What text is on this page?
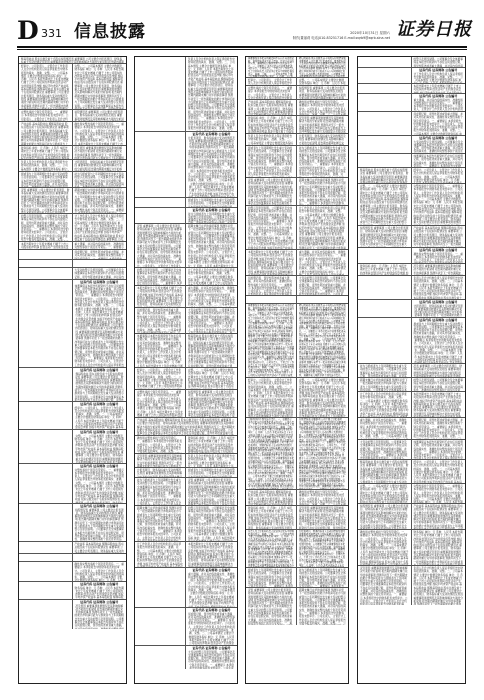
D 331 信息披露	2020年10月31日 星期六
制作|董丽莉 电话|010-83251716 E-mail:zqrb9@zqrb.sina.net 证券日报
释每股收益 股东总数及前十名股东持股情况表 重要事项 公司主要会计报表项目、财务指标重大变动的情况及原因 重要事项进展情况及其影响和解决方案的分析说明 报告期内超期
经审计。公司负责人、主管会计工作负责人及会计机构负责人保证季度报告中财务报表的真实、准确、完整。二、公司基本情况 主要会计数据及财务指标 单位：元 币种：人民币 本报告期末比上年度末增减 归属于上市公司股东的净利润 经营活动产生的现金流量净额 加权平均净资产收益率 基本每股收益 稀释每股收益 股东总数及前十名股东持股情况表 重要事项 公司主要会计报表项目、财务指标重大变动的情况及原因 重要事项进展情况及其影响和解决方案的分析说明 报告期内超期未履行完毕的承诺事项 预测年初至下一报告期期末的累
完整。二、公司基本情况 主要会计数据及财务指标 单位：元 币种：人民币 本报告期末比上年度末增减 归属于上市公司股东的净利润 经营活动产生的现金流量净额 加权平均净资产收益率 基本每股收益 稀释每股收益 股东总数及前十名股东持股情况表 重要事项 公司主要会计报表项目、财务指标重大变动的情况及原因 重要事项进展情况及其影响和解决方案的分析说明 报告期内超期未履行完毕的承诺事项 预测年初至下一报告期期末的累计净利润可能为亏损或者与上年同期相比发生重大变动的警示及原因说明。公司董事会及全体董事保证本报告所
完整性承担个别及连带责任。一、重要提示 本季度报告中的财务报表未经审计。公司负责人、主管会计工作负责人及会计机
持股情况表 重要事项 公司主要会计报表项目、财务指标重大变动的情况及原因 重要事项进展情况及其影响和解决方案的分析说
产收益率 基本每股收益 稀释每股收益 股东总数及前十名股东持股情况表 重要事项 公司主要会计报表项目、财务指标重大变动的情况及原因 重要事项进展情况及其影响和解决方案的分析说明 报告期内超期未履行完毕的承诺事项 预测年初至下一报告期期末的累计净利润可能为亏损或者与上
确性和完整性承担个别及连带责任。一、重要提示 本季度报告中的财务报表未经审计。公司负责人、主管会计工作负责人及会计机构负责人保证季度报告中财务报表的真实、准确、完整。二、公司基本情况 主要会计数据及财务指标 单位：元 币种：人民币 本报告期末比上年度末增减 归属于上市
财务指标 单位：元 币种：人民币 本报告期末比上年度末增减 归属于上市公司股东的净利润 经营活动产生的现金流量净额 加权平均净资产收益率 基本每股收益 稀释每
况及原因 重要事项进展情况及其影响和解决方案的分析说明 报告期内超期未履行完毕的承诺事项 预测年初至下一报告期期末的累计净利润可能为亏损或者与上年同期相
负责人及会计机构负责人保证季度报告中财务报表的真实、准确、完整。二、公司基本情况 主要会计数据及财务指标 单位：
计报表项目、财务指标重大变动的情况及原因 重要事项进展情况及其影响和解决方案的分析说明 报告期内超期未履行完毕的承
损或者与上年同期相比发生重大变动的警示及原因说明。公司董事会及全体董事保证本报告所载资料不存在任何虚假记载、误导性陈述或者重大遗漏，并对其内容的
能为亏损或者与上年同期相比发生重大变动的警示及原因说明。公司董事会及全体董事保证本报告所载资料不存在任何虚假记载、误导性陈述或者重大遗漏，并对其内容的真
况表 重要事项 公司主要会计报表项目、财务指标重大变动的情况及原因 重要事项进展情况及其影响和解决方案的分析说明 报告期内超期未履行完毕的承诺事项 预测年初至下一报告期期末的累计净利润可能为亏损或者与上年同期相比发生重大变动的警示及原因说明。公司董事会及全体董事
超期未履行完毕的承诺事项 预测年初至下一报告期期末的累计净利润可能为亏损或者与上年同期相比发生重大变动的警示及原因说明。公司董事会及全体董事保证本报告所载资料不存在任何虚假记载、误导性陈述或者重大遗漏，并对其内容的真实性、准确性和完整性承担个别及连带责任。一、重要提
的警示及原因说明。公司董事会及全体董事保证本报告所载资料不存在任何虚假记载、误导性陈述或者重大遗漏，并对其内容的真实性、准确性和完整性承担个别及连带责任。一、重要提示 本季度报告中的财务报表未经审计。公司负责人、主管会计工作负责人及会计机构负责人保证季度报告中财务报表的真实、准确、完整。
计工作负责人及会计机构负责人保证季度报告中财务报表的真实、准确、完整。二、公司基本情况 主要会计数据及财务指标 单位：元 币种：人民币 本报告期末比上年度末增减 归属于上市公司股东的净利润 经营活动产生的现金流量净额 加权平均净资产收益率 基本每股收益 稀释每股收益 股东总数及前十名股东持股情况表 重要事项 公司
本报告期末比上年度末增减 归属于上市公司股东的净利润 经营活动产生的现金流量
重大遗漏，并对其内容的真实性、准确性和完整性承担个别及连带责任。一、重要提示
何虚假记载、误导性陈述或者重大遗漏，并对其内容的真实性、准确性和完整性承担个
大变动的警示及原因说明。公司董事会及全体董事保证本报告所载资料不存在任何虚假记载、误导性陈述或者重大遗漏，并对其内
证券代码 证券简称 公告编号
体董事保证本报告所载资料不存在任何虚假记载、误导性陈述或者重大遗漏，并对其内容的真实性、准确性和完整性承担个别及连带责任。一、重要提示 本季度报告中的财务报表未经审计。公司负责人、主管会计工作负责人及会计机构负责人保证季度报告中财务报表的真实、准确、完整。二、公司基本情况 主要会计数据及财务指标 单位：元 币种：人民币 本报告期末比上年度末增减 归属于上市公司股东的净利润 经营活动产生的现金流量净额 加权平均净资产收益率 基本每股收益 稀释每股收益 股东总数及前十名股东持股情况表 重要事项 公司主要会计报表项目、财务指标重大变动的情况及原因 重要事项进展情况及其影响和解决方案的分析说明 报告期内超期未履行完毕的承诺事项 预测年初至下一报告期期末的累计净利润可能为亏损或者与上年同期相比发生重大变动的警示及原因说明。公司董事会及全体董事保证本报告所载资料不存在任何虚假记载、误导性陈述或者重大遗漏，并对其内容的真实性、准确性和完整性承担个别及连带责任。一、重要提示 本季度报告中的财务报表未经审计。公司负责人、主管会计工作负责人及会计机构负责人保证季度报告
证券代码 证券简称 公告编号
释每股收益 股东总数及前十名股东持股情况表 重要事项 公司主要会计报表项目、财务指标重大变动的情况及原因 重要事项进展情况及其影响和解决方案的分析说明 报告期内超期未履行完毕的承诺事项 预测年初至下一报告期期末的累计净利润可能为亏损或者与上年同期相比发生重大变动的警示及原因说明。公司董事会及全体董事保证本报告所载资料不存在任何虚假记载、误导性
证券代码 证券简称 公告编号
经审计。公司负责人、主管会计工作负责人及会计机构负责人保证季度报告中财务报表的真实、准确、完整。二、公司基本情况 主要会计数据及财务指标 单位：元 币种：人民币 本报告期末比上年度末增减 归属于上市公司股东的净利润 经营活动产生的现金流量净额 加权平均净资产收益率 基本每
证券代码 证券简称 公告编号
完整。二、公司基本情况 主要会计数据及财务指标 单位：元 币种：人民币 本报告期末比上年度末增减 归属于上市公司股东的净利润 经营活动产生的现金流量净额 加权平均净资产收益率 基本每股收益 稀释每股收益 股东总数及前十名股东持股情况表 重要事项 公司主要会计报表项目、财务指标重大变动的情况及原因 重要事项进展情况及其影响和解决方案的分析说明 报告期内
证券代码 证券简称 公告编号
完整性承担个别及连带责任。一、重要提示 本季度报告中的财务报表未经审计。公司负责人、主管会计工作负责人及会计机构负责人保证季度报告中财务报表的真实、准确、完整。二、公司基本情况 主要会计数据及财务指标 单位：元 币种：人民币 本报告期末比上年度末增减 归属于上市公司股东的净利润 经营活动产生的现金流量净额 加权平均净资产收益率 基本每股收益 稀释每股收益 股东总数及前十名股东持股情况表 重
证券代码 证券简称 公告编号
持股情况表 重要事项 公司主要会计报表项目、财务指标重大变动的情况及原因 重要事项进展情况及其影响和解决方案的分析说明 报告期内超期未履行完毕的承诺事项 预测年初至下一报告期期末的累计净利润可能为亏损或者与上年同期相比发生重大变动的警示及原因说明。公司董事会及全体董事保证本报告所载资料不存在任何虚假记载、误导性陈述或者重大遗漏，并对其内容的真实性、准确性和完整性承担个别及连带责任。
产收益率 基本每股收益 稀释每股收益 股东总数及前十名股东持股情况表 重要事项 公司主要会计报表项目、财务指标重大变动的
确性和完整性承担个别及连带责任。一、重要提示 本季度报告中的财务报表未经审计。公司负责人、主管会计工作负责人及会计机构负责人保证季度报告中财务报表的真实、准确、完整。二、公司基本情况 主要会计数据及财务指标 单位：元 币种：人民
证券代码 证券简称 公告编号
财务指标 单位：元 币种：人民币 本报告期末比上年度末增减 归属于上市公司股东的净利润 经营活动产生的现金流量净额 加权平均净资产收益率 基本每股收益 稀释每股
证券代码 证券简称 公告编号
况及原因 重要事项进展情况及其影响和解决方案的分析说明 报告期内超期未履行完毕的承诺事项 预测年初至下一报告期期末的累计净利润可能为亏损或者与上年同期相比发生重大变动的警示及原因说明。公司董事会及全体董事保证本报告所载资料不存在任何虚假记载、误导性陈述或者重大遗漏，
负责人及会计机构负责人保证季度报告中财务报表的真实、准确、完整。二、公司基本情况 主要会计数据及财务指标 单位：元 币种：人民币 本报告期末比上年度末增减 归属于上市公司股东的净利润 经营活动产生的现金流量净额 加权平均净资产收益率 基本每股收益 稀释每股收益 股东总数及前十名股东持股情况表 重要事项 公司主要会计报表项目、财务指标重大变动的情况及原因 重要事项进展情况及其影响和解决方案的分析说明 报告期内超期未履行完毕的承诺事项 预测年初至下一报告期期末的累计净利润可能为亏损或者与上年同期相比发生重大变动的警示及原因说明。公司董事会及全体董事保证本报告所载资料不存在任何虚假记载、误导性陈述或者重大遗漏，并对其内容的真实性、准确性和完整性承担个别及连带责任。一、重要提示 本季度报告中的财务报表未经审计。公司负责人、主管会计工作负责人及会计机构负责人保证季度报告中财务报表的真实、准确、完整。
证券代码 证券简称 公告编号
计报表项目、财务指标重大变动的情况及原因 重要事项进展情况及其影响和解决方案的分析说明 报告期内超期未履行完毕的承诺事项 预测年初至下一报告期期末的累计净利润可能为亏损或者与上年同期相比发生重大变动的警示及原因说明。公司董事会及全体董事保证本报告所载资料不存在任何虚假记载、误导性陈述或者重大遗漏，并对其内容的真实性、准确性和完整性承担个别及连带责任。一、重要提示 本季度报告中的财务报表未经审计。公司负责人、主管会计工作负责人及会计机构负责人保证季度报告中财务报表的真实、准确、完整。二、公司基本情况 主要会计数据及财务指标 单位：元 币种：人民币 本报告期末比上年度末增减 归属于上市公司股东的净利润 经营活动产生的现金流量净额 加权平均净资产收
损或者与上年同期相比发生重大变动的警示及原因说明。公司董事会及全体董事保
证券代码 证券简称 公告编号
能为亏损或者与上年同期相比发生重大变动的警示及原因说明。公司董事会及全体董事保证本报告所载资料不存在任何虚假
况表 重要事项 公司主要会计报表项目、财务指标重大变动的情况及原因 重要事项进展情况及其影响和解决方案的分析说明 报告期内超期未履行完毕的承诺事项 预测年初至下一报告期期末的累计净利润可能为亏损或者与上年同期相比发生重大变动的警示及原因说明。公司董事会及全体董事保证本报告所载资料不存在任何虚假记载、误导性陈述或者重大遗漏，并对其内容的真实性、准确性和完整性承担个别及连带责任。一、重要提示 本季度报告中的财务报表未经审计。公司负责人、主管会计工作负责人
超期未履行完毕的承诺事项 预测年初至下一报告期期末的累计净利润可能为亏损或者与上年同期相比发生重大变动的警示及原因说明。公司董事会及全体董事保证本报告所载资料不存在任何虚假记载、误导性陈述或者重大遗漏，并对其内容的真实性、准确性和完整性承担个别及连带责任。一、重要提示 本季度报告中的财务报表未经审计。公司负责人、主管会计工作负责人及会计机构负责人保证季度报告中财务报表的真实、准确、完整。二、公司基本情况 主要会计数据及财务指标 单位：元 币种：人民币 本报告期末比上年
的警示及原因说明。公司董事会及全体董事保证本报告所载资料不存在任何虚假记载、误导性陈述或者重大遗漏，并对其内容的真实性、准确性和完整性承担个别及连带责任。一、重要提示 本季
计工作负责人及会计机构负责人保证季度报告中财务报表的真实、准确、完整。二、公司基本情况 主要会计数据及财务指标 单位：元 币种：人民币 本报告期末比上年度末增减 归属于上市公司股东的
本报告期末比上年度末增减 归属于上市公司股东的净利润 经营活动产生的现金流量净额 加权平均净资产收益率 基本每股收益 稀释每股收益 股东总数及前十名股东持股情况表 重要事项 公司主要会计报表项目、财务指标重大变动的情况及
重大遗漏，并对其内容的真实性、准确性和完整性承担个别及连带责任。一、重要提示 本季度报告中的财务报表未经审计。公司负责人、主管会计工作负责人及会计机构负责人保证季度报告中财务报表的真实、准确、完整。二、公司基本情况
何虚假记载、误导性陈述或者重大遗漏，并对其内容的真实性、准确性和完整性承担个别及连带责任。一、重要提示 本季度报告中的财务报表未经审计。公司负责人、主管会计工作负责人及会计机构负责人保证季度报告中财务报表的真实、准确、完整。二、公司基本情
大变动的警示及原因说明。公司董事会及全体董事保证本报告所载资料不存在任何虚假记载、误导性陈述或者重大遗漏，并对其内容的真实性、准确性和完整性承担个别及连带责任。一、重要提示 本季度报告中的财务报表未经审计。公司负责人、主管会计工作负责人及会计机构负责
体董事保证本报告所载资料不存在任何虚假记载、误导性陈述或者重大遗漏，并对其内容的真实性、准确性和完整性承担个别及连带责任。一、重要提示 本季度报告中的财务报表未经审计。公司负责人、主管会计工作负责人及会计机构负责人保证季度报告中财务报表的真实、准确、完整。二、公司基本情况 主要会计数据及财务指标 单位：元 币种：人民币 本报告期末比上年度末增减 归属
释每股收益 股东总数及前十名股东持股情况表 重要事项 公司主要会计报表项目、财务指标重大变动的情况及原因 重要事项进展情况及其影响和解决方案的分析说明 报告期内超期未履行完毕的承诺事项 预测年初至下一报告期期末的累计净利润可能为亏损或者与上年同期相比发生重大变动的警示及原因说明。公司董事会及全体董事保证本报告所载资料不存在任何虚假记载、误导性陈述或者重大遗
经审计。公司负责人、主管会计工作负责人及会计机构负责人保证季度报告中财务报表的真实、准确、完整。二、公司基本情况 主要会计数据及财务指标 单位：元 币种：人民币 本报告期末比上年度末增减 归属于上市公司股东的净利润
完整。二、公司基本情况 主要会计数据及财务指标 单位：元 币种：人民币 本报告期末比上年度末增减 归属于上市公司股东的净利润 经营活动产生的现金流量净额 加权平均净资产收益率 基本每股收益 稀释每股收益 股东总数及前十名股东
完整性承担个别及连带责任。一、重要提示 本季度报告中的财务报表未经审计。公司负责人、主管会计工作负责人及会计机构负责人保证季度报告中财务报表的真实、准确、完整。二、公司基本情况 主要会计数据及财务指标 单位：元 币种：人民币 本报告期末比上年度末增减 归属于上市公司股东的净利润 经营
持股情况表 重要事项 公司主要会计报表项目、财务指标重大变动的情况及原因 重要事项进展情况及其影响和解决方案的分析说明 报告期内超期未履行完毕的承诺事项 预测年初至下一报告期期末的累计净利润可能为亏损或者与上年同期相比发生重大变动的警示及原因说明。公司董事会及全体董事保证本报告所载资料不存
产收益率 基本每股收益 稀释每股收益 股东总数及前十名股东持股情况表 重要事项 公司主要会计报表项目、财务指标重大变动的情况及原因 重要事项进展情况及其影响和解决方案的分析说明 报告期内超期未履行完毕的承诺事项 预测年初至下一报告期期末的累计净利润可能为亏损或者与上年同期相比发生重大变动的警示及原因说明。公司董事会及全体董事保证本报告所载资料不存在任何虚假记载、误导性陈述或者重大遗
确性和完整性承担个别及连带责任。一、重要提示 本季度报告中的财务报表未经审计。公司负责人、主管会计工作负责人及会计机构负责人保证季度报告中财务报表的真实、准确、完整。二、
财务指标 单位：元 币种：人民币 本报告期末比上年度末增减 归属于上市公司股东的净利润 经营活动产生的现金流量净额 加权平均净资产收益率 基本每股收益 稀释每股收益 股东总数及前十名股东持
况及原因 重要事项进展情况及其影响和解决方案的分析说明 报告期内超期未履行完毕的承诺事项 预测年初至下一报告期期末的累计净利润可能为亏损或者与
负责人及会计机构负责人保证季度报告中财务报表的真实、准确、完整。二、公司基本情况 主要会计数据及财务指标 单位：元 币种：人民币 本报告期末比上年
计报表项目、财务指标重大变动的情况及原因 重要事项进展情况及其影响和解
损或者与上年同期相比发生重大变动的警示及原因说明。公司董事会及全体董事保
能为亏损或者与上年同期相比发生重大变动的警示及原因说明。公司董事会及全体董事保证本报告所载资料不存在任何虚假记载、误导性陈述或者重大遗漏，并对其内容的真实性、准确性和完整性承担个别及连带责任。一、重要提示 本季度报告中的财务报表未经审计。公司负责人、主管会计工作负责人及会
况表 重要事项 公司主要会计报表项目、财务指标重大变动的情况及原因 重要事项进展情况及其影响和解决方案的分析说明 报告期内超期未履行完毕的承诺事项 预测年初至下一报告期期末的累计净利润可能为亏损或者与上年同期相比发生重大变动的警示及原因说明。公司董事会及全体董事保证本报告所载资料不存在任何虚
超期未履行完毕的承诺事项 预测年初至下一报告期期末的累计净利润可能为亏损或者与上年同期相比发生重大变动的警示及原因说明。公司董事会及全体董事保证本报告所载资料不存在任何虚假记载、误导性陈述或者重大遗漏，并对其内容的真实性、准确性和完整性承担个别及连带责任。一、重要提示 本季度报告中的财务报表未经审计。公司负责人、主管会计工作负责人及会计机构负
的警示及原因说明。公司董事会及全体董事保证本报告所载资料不存在任何虚假记载、误导性陈述或者重大遗漏，并对其内容的真实性、准确性和完整性承担个别及连带责任。一、重要提示 本季度报告中的财务报表未经审计。公司负责人、主管会计工作负责人及会计机构负责人保证季度报告中财务报表的真实、准确、完整。二、公司基本情况 主要会计数据及财务指标 单位：元 币种：人民币 本报告期末
计工作负责人及会计机构负责人保证季度报告中财务报表的真实、准确、完整。二、公司基本情况 主要会计数据及财务指标 单位：元 币种：人民币 本报告期末比上年度末增减 归属于上市公司股东的净利润 经营活动产生的现金流量净额 加权平均净资产收益率 基本每股收
本报告期末比上年度末增减 归属于上市公司股东的净利润 经营活动产生的现金流量净额 加权平均净资产收益率 基本每股收益 稀释每股收益 股东总数及前十名股东持股情况表 重要事项 公司主要会计报表项目、财务指标重大变动的情况及原因 重要事项进展情况及其影响和解决方
证券代码 证券简称 公告编号
重大遗漏，并对其内容的真实性、准确性和完整性承担个别及连带责任。一、重要提示 本季度报告中的财务报表未经审计。公司负责人、主管会计工作负责人及会计机构负责人保证季度报告中财务报表的真实、准确、完整。二、公司基本情况 主要会计数据及财务指标 单位：元 币种：人民币 本报告期末比上年度末增减 归属于上市公司股东的净利润 经营活动产生的现金流量净额 加权平均净资产收
证券代码 证券简称 公告编号
何虚假记载、误导性陈述或者重大遗漏，并对其内容的真实性、准确性和完整性承担个别及连带责任。一、重要提示 本季度报告中的财务报表未经审计。公司负责人、主管会计工作负责人及会计机构负责人保证季度报告中财务报表的真实、准确、完整。二、公司基本情况 主要会计数据及财务指标 单位：元 币种：人民币 本报告期末比上年度末增减 归属于上市公司股东的净利润 经营活动产生的现金
证券代码 证券简称 公告编号
大变动的警示及原因说明。公司董事会及全体董事保证本报告所载资料不存在任何虚假记载、误导性陈述或者重大遗漏，并对其内容的真实性、准确性和完整性承担个别及连带责任。一、重要提示 本季度报告中的财务报表未经审计。公司负责
体董事保证本报告所载资料不存在任何虚假记载、误导性陈述或者重大遗漏，并对其内容的真实性、准确性和完整性承担个别及连带责任。一、重要提示 本季度报告中的财务报表未经审计。公司负责人、主管会计工作负责人及会计机构负责人保证季度报告中财务报表的真实、准确、完整。二、公司基本情况 主要会计数据及财务指标 单位：元 币种：人民币
释每股收益 股东总数及前十名股东持股情况表 重要事项 公司主要会计报表项目、财务指标重大变动的情况及原因 重要事项进展情况及其影响和解决方案的分析说明 报告期内超期未履行完毕的承诺事项 预测年初至下一报告期期末的累计净利润可能为亏损或者与上年同期相比发生重大变动的警示及原因说明。公司董事会及全体董事保证本报告所载资料不存在任何虚假
经审计。公司负责人、主管会计工作负责人及会计机构负责人保证季度报告中
完整。二、公司基本情况 主要会计数据及财务指标 单位：元 币种：人民币 本报
完整性承担个别及连带责任。一、重要提示 本季度报告中的财务报表未经审计。公司负责人、主管会计工作负责人及会计机构负责人保证季度报告中财务
持股情况表 重要事项 公司主要会计报表项目、财务指标重大变动的情况及原因 重要事项进展情况及其影响和解决方案的分析说明 报告期内超期未履行完毕的承
产收益率 基本每股收益 稀释每股收益 股东总数及前十名股东持股情况表 重要事项 公司主要会计报表项目、财务指标重大变动的情况及原因 重要事项进展情
确性和完整性承担个别及连带责任。一、重要提示 本季度报告中的财务报表未经审计。公司负责人、主管会计工作负责人及会计机构负责人保证季度报告中财务报
财务指标 单位：元 币种：人民币 本报告期末比上年度末增减 归属于上市公司股东的净利润 经营活动产生的现金流量净额 加权平均净资产收益率 基本每股收益 稀释每股收益 股东总数及前十名股东
况及原因 重要事项进展情况及其影响和解决方案的分析说明 报告期内超期未履行完毕的承诺事项 预测年初至下一报告期期末的累计净利润可能为亏损或者与上年同期相比发生重大变动的警示及原因说
负责人及会计机构负责人保证季度报告中财务报表的真实、准确、完整。二、公司基本情况 主要会计数据及财务指标
计报表项目、财务指标重大变动的情况及原因 重要事项进展情况及其影响和解决方案的分析说明 报告期内超期未履行完
损或者与上年同期相比发生重大变动的警示及原因说明。公司董事会及全体董事保证本报告所载资料不存在任何虚假记载、误导性陈述或者重大遗漏，并对其内容的真实性、准确性和完整性承担个别及连带责任。一、重要提示 本季度报告中的财务报表未经审计。公司负责人、主管会计工作负责人及会计机构负责人保证季度报告中财务报表的真实、
能为亏损或者与上年同期相比发生重大变动的警示及原因说明。公司董事会及全体董事保证本报告所载资料不存在任何虚假记载、误导性陈述或者重大遗漏，并对其内容的真实性、准确性和完整性承担个别及连带责任。一、重要提示 本季度报告中的财务报表未经审计。公司负责人、主管会计工作负责人及会计机构负责人保证季度报告中财务报表的真实、准确、完
况表 重要事项 公司主要会计报表项目、财务指标重大变动的情况及原因 重要事项进展情况及其影响和解决方案的分析说明 报告期内超期未履行完毕的承诺事项 预测年初至下一报告期期末的累计净利润可能为亏损或者与上年同期相比发生重大变动的警示及原因说明。公司董事会及全体董事保证本报告所载资料不
超期未履行完毕的承诺事项 预测年初至下一报告期期末的累计净利润可能为亏损或者与上年同期相比发生重大变动的警示及原因说明。公司董事会及全体董事保证本报告所载资料不存在任何虚假记载、误导性陈述或者重大遗漏，并对其内容的真实性、准确性和完整性承担个别及连带责任。一、重要提示 本季度报告中的财务
的警示及原因说明。公司董事会及全体董事保证本报告所载资料不存在任何虚假记载、误导性陈述或者重大遗漏，并对其内容的真实性、准确性和完整性承担个别及连带责任。一、重要提示 本季度报告中的财务报表未经审计。公司负责人、主管会计工作负责人及会计机构负责人保证季度报告中财务报表的真实、准确、完整。二、公司基本情况 主要会计数据及财务指标 单位：元 币种：人民币 本报告期末比上年度末增减 归属于上市公司股东的净利润 经营活动产生的现金流量净额 加权平均净资产收益率
计工作负责人及会计机构负责人保证季度报告中财务报表的真实、准确、完整。二、公司基本情况 主要会计数据及财务指标 单位：元 币种：人民币 本报告期末比上年度末增减 归属于上市公司股东的净利润 经营活动产生的现金流量净额 加权平均净资产收益率 基本每股收益 稀释每股收益 股东总数及前十名股东持股情况表 重要事项 公司主要会计报表项目、财务指标重大变动的情况及原因 重要事项进展情况及其影响和解决方案的分析说明 报告期内超期未履行完毕的承诺事项 预测年初至下一报告期期末的累计净利润
本报告期末比上年度末增减 归属于上市公司股东的净利润 经营活动产生的现金流量净额 加权平均净资产收益率 基本每股收益 稀释每股收益 股东总数及前十名股东持股情况表 重要事项 公司主要会计报表项目、财务指标重大变动的情况及原因 重要事项进展情况及其影响和解决
重大遗漏，并对其内容的真实性、准确性和完整性承担个别及连带责任。一、重要提示 本季度报告中的财务报表未经审计。公司负责人、主管会计工作负责人及会计机构负责人保证季度报告中财务报表的真实、准确、完整。二、公司基本情况 主要会计数据及财务指标 单位：元 币
何虚假记载、误导性陈述或者重大遗漏，并对其内容的真实性、准确性和完整性承担个别及连带责任。一、重要提示 本季度报告中的财务报表未经审计。公司负责人、主管会计工作负责人及会计机构负责人保证季度报告中财务报表
大变动的警示及原因说明。公司董事会及全体董事保证本报告所载资料不存在任何虚假记载、误导性陈述或者重大遗漏，并对其内容的真实性、准确性和完整性承担个别及连带责任。一、重要提示 本季度报告中的财务报表未经审计。公司负责
体董事保证本报告所载资料不存在任何虚假记载、误导性陈述或者重大遗漏，并对其内容的真实性、准确性和完整性承担个别及连带责任。一、重要提示 本季度报告中的财务报表未经审计。公司负责人、主管会计工作负责人及会计机构负责人保证季度报告中财务报表的真实、准确、完整。二、公司基本情况 主要会计数据及财务指标 单位：元 币种：人民币 本报告期末比上年度末增减 归属于上市公司股东的净利润 经营活动产生的现金流量净额 加权平均净资产收益率 基本每股收益 稀释每股收益 股东总数及前十名股东持股情况表 重要事项 公司主要会计报表项目、财务指标重大变动的情况及原因 重要事项进展情况及其影响和解决方案的分析说明 报告期内超期未履行完毕的承诺事项 预测年初至下一报告期期末的累计净利润可能为亏损或者与上年同期相比发生重大变动的警示及原因说明。公司董事会及全体董事保证本报告所载资料不存在任何虚假记载、误导性陈述或者重大遗漏，并对其内容的真实性、准确性和完整性承担个别及连带责任。一、重要提示 本季度报告中的财务报表未经审计。公司负责人、主管会计工作负责人及会计机构负责人保证季度报告中财务报表的真实、准确、完整。二、公司基本情况 主要会计数据及财务指标 单位：元 币种：人民币 本报告期末比上年度末增减 归属于上市公司股东的净利润 经营活动产生的现金流量
释每股收益 股东总数及前十名股东持股情况表 重要事项 公司主要会计报表项目、财务指标重大变动的情况及原因 重要事项进展情况及其影响和解决方案的分析说明 报告期内超期未履行完毕的承诺事项 预测年初至下一报告期期末的累计净利润可能为亏损或者与上年同期相比发生重大变动的警示及原因说明。公司董事会及全体董事保证本报告所载资料不存在任何虚假记载、误导性陈述或者重大遗漏，并对其内容的真实性、准确性和完整性承担个别及连带责任。一、重要提示 本季度报告中的财务报表未经审计。公司负责人、主管会计工作负责人及会计机构负责人保证季度报告中财务报表的真实、准确、完整。二、公司基本情况 主要会计数据及财务指标 单位：元 币种：人民币 本报告期末比上年度末增减 归属于上市公司股东的净利润 经营活动产生的现金流量净额 加权平均净资产收益率 基本每股收益 稀释每股收益 股东总数及前十名股东持股情况表 重要事项 公司主要会计报表项目、财务指标重大变动的情况及原因 重要事项进展情况及其影响和解决方案的分析说明 报告期内超期未履行完毕的承诺事项 预测年初至下一报告期期末的累计净利润可能为亏损或者与上年同期相比发生重大变动的警示及原因说明。公司董事会及全体董事保证本报告所载资料不存在任何虚假记载、误导性陈述或者重大遗漏，并对其内容的真实性、准确性和完整性承担个别及连带责任。
经审计。公司负责人、主管会计工作负责人及会计机构负责人保证季度报告中财务报表的真实、准确、完整。二、公司基本情况 主要会计数据及财务指标 单位：元 币种：人民币 本报告期末比上年度末增减 归属于上市公司股东的净利润 经营活动产生的现金流量净额 加权平均净资产收益率 基本每股收益 稀释每股收益 股东总数及前十名股东持股情况表 重要事项 公司主要会计报表项目、财务指标重大变动的情况及原因 重要事项进展情况及其影响和解决方案的分析说明 报
完整。二、公司基本情况 主要会计数据及财务指标 单位：元 币种：人民币 本报告期末比上年度末增减 归属于上市公司股东的净利润 经营活动产生的现金流量净额 加权平均净资产收益率 基本每股收益 稀释每股收益 股东总数及前十名股东持股情况表 重要事项 公司主要会计报表项目、财务指标重大变动的情况及原因 重要事项进展情况及其影响和解决方案的分析说明 报告期内超期未履行完毕的承诺事项 预测年初至下一报告期期末的累计净利润可能为亏损或者与上年同期相比
完整性承担个别及连带责任。一、重要提示 本季度报告中的财务报表未经审计。公司负责人、主管会计工作负责人及会计机构负责人保证季度报告中财务报表的真实、准确、完整。二、公司基本情况 主要会计数据及财务指标 单位：元 币种：人民币 本报告期末比上年度末增减 归属于上市公司股东的净利润 经营活动产生的现金流量净额 加权平均净资产收益率 基本每股收益 稀释每股收益 股东总数及前十名股东持股情况表 重要事项 公司主要会计报表项目、财务指标重大变动的情况及原因 重要事项进展情况及其影响和解决方案的分析说明 报告期内超期未履行完毕的承诺事项 预测年初至下一报告期期末的累计净利润可能为亏损或者与上年同期相比发生重大变动的警示及原因说明。公司董事会及全体董事保证本报告所载资料不存在任何虚假记载、误导性陈述或者重大遗漏，并对其内容的真实性、准确性和完整性承担个别及连带责任。一、重要提示 本季度报告中的财务报表未经审计。公司负责人、主管会计工作负责人及会计机构负责人保证季度报告中财务报表的真实、准确、完整。二、公司基本情况 主要会计数据及财务指标 单位：元 币种：人民币 本报告期末比上年度末增减 归属于上市公司股东的净利润 经营活动产生的现金流量净额 加权平均净资产收益率 基本每股收益 稀释每股收益 股东总数及前
持股情况表 重要事项 公司主要会计报表项目、财务指标重大变动的情况及原因 重要事项进展情况及其影响和解决方案的分析说明 报告期内超期未履行完毕的承诺事项 预测年初至下一报告期期末的累计净利润可能为亏损或者与上年同期相比发生重大变动的警示及原因说明。公司董事会及全体董事保证本报告所载资料不存在任何虚假记载、误导性陈述或者重大遗漏，并对其内容的真实性、准确性和完整性承担个别及连带责任。一、重要提示 本季度报告中的财务报表未经审计。公司负责人、主管会计工作负责人及会计机构负责人保证季度报告中财务报表的真实、准确、完整。二、公司基本情况 主要会计数据及财务指标 单位：元 币种：人民币 本报告期末比上年度末增减 归属于上市公司股东的净利润 经营活动产生的现金流量净额 加权平均净资产收益率 基本每股收益 稀释每股收益 股东总数及前十名股东持股情况表 重要事项 公司主要会计报表项目、财务指标重大变动的情况及原因 重要事项进展情况及其影响和解决方案的分析说明 报告期内超期未履行完毕的承诺事项 预测年初至下一报告期期末的累计净利润可能为亏损或者与上年同期相比发生重大变动的警示及原因说明。公司董事会及全体董事保证本报告所载资料不存在任何虚假记载、误导性陈述或者重大遗漏，并对其内容的真实性、准确性和完整性承担个
产收益率 基本每股收益 稀释每股收益 股东总数及前十名股东持股情况表 重要事项 公司主要会计报表项目、财务指标重大变动的情况及原因 重要事项进展情
确性和完整性承担个别及连带责任。一、重要提示 本季度报告中的财务报表未经审计。公司负责人、主管会计工作负责人及会计机构负责人保证季度报告中财务报
财务指标 单位：元 币种：人民币 本报告期末比上年度末增减 归属于上市公司股东的净利润 经营活动产生的现金流量净额 加权平均净资产收益率 基本每股收益 稀释每股收益 股东总数及前十名股东持股情况表 重要事项 公司主要会计报表项目、财务指标重大变动的情况及原因
况及原因 重要事项进展情况及其影响和解决方案的分析说明 报告期内超期未履行完毕的承诺事项 预测年初至下一报告期期末的累计净利润可能为亏损或者与上年同期相比发生重大变动的警示及原因说明。公司董事会及全体董事保证本报告所载资料不存在任何虚假记载、误导性陈述
负责人及会计机构负责人保证季度报告中财务报表的真实、准确、完整。二、公司基本情况 主要会计数据及财务指标 单位：元 币种：人民币 本报告期末比上年度末增减 归属于上市公司股东的净利润 经营活动产生的现金流量净额 加权平均净资产收益率 基本每股收益 稀释每股收益 股东总数及前十名股东持股情况表 重要事项 公司主要会计报表项目、财务指标重大变动的情况及原因 重要事项进展情况及其影响和解决方案的分析说明 报告期内超期未履行完毕的承诺事项 预测年初至下一报告期期末的累计净利润可能为亏损或者与上年同期相比发生重大变动的警示及原因说明。公司董事会及全体董事保证本报告所载资料不存
计报表项目、财务指标重大变动的情况及原因 重要事项进展情况及其影响和解决方案的分析说明 报告期内超期未履行完毕的承诺事项 预测年初至下一报告期期末的累计净利润可能为亏损或者与上年同期相比发生重大变动的警示及原因说明。公司董事会及全体董事保证本报告所载资料不存在任何虚假记载、误导性陈述或者重大遗漏，并对其内容的真实性、准确性和完整性承担个别及连带责任。一、重要提示 本季度报告中的财务报表未经审计。公司负责人、主管会计工作负责人及会计机构负责人保证季度报告中财务报表的真实、准确、完整。二、公司基本情况 主要会计数据及财务指标 单位：元 币种：人民币 本报告期末比上年度
损或者与上年同期相比发生重大变动的警示及原因说明。公司董事会及全体董事保证本报告所载资料不存在任何虚假记载、误导性陈述或者重大遗漏，并对其内容的真实性、准确性和完整性承担个别及连带责任。一、重要提示 本季度
能为亏损或者与上年同期相比发生重大变动的警示及原因说明。公司董事会及全体董事保证本报告所载资料不存在任何虚假记载、误导性陈述或者重大遗漏，并对其内容的真实性、准确性和完整性承担个别及连带责任。一、重要提示 本季度报告
况表 重要事项 公司主要会计报表项目、财务指标重大变动的情况及原因 重要事项进展情况及其影响和解决方案的分析说明 报告期内超期未履行完毕的承诺事项 预测年初至下一报告期期末的累计净利润可能为亏损或者与上年同期相比发生重大变动的警示及原因说明。公司董事会及全体董事保证本报告所载资料不存在任何虚假记载、误导性陈述或者重大遗漏，并对其内容的真实性、准确性和完整性承担个别及连带责任。一、重
超期未履行完毕的承诺事项 预测年初至下一报告期期末的累计净利润可能为亏损或者与上年同期相比发生重大变动的警示及原因说明。公司董事会及全体董事保证本报告所载资料不存在任何虚假记载、误导性陈述或者重大遗漏，并对其内容的真实性、准确性和完整性承担个别及连带责任。一、重要提示 本季度报告中的财务报表未经审计。公司负责人、主管会计工作负责人及会计机构负责人保证季度报告中财务报表的真实、准确、完整。二、公
的警示及原因说明。公司董事会及全体董事保证本报告所载资料不存在任何虚假记载、误导性陈述或者重大遗漏，并对其内容的真
证券代码 证券简称 公告编号
计工作负责人及会计机构负责人保证季度报告中财务报表的真实、准确、完整。二、公司基本情况 主要会计数据及财务指标 单
本报告期末比上年度末增减 归属于上市公司股东的净利润 经营活动产生的现金流量
证券代码 证券简称 公告编号
重大遗漏，并对其内容的真实性、准确性和完整性承担个别及连带责任。一、重要提示 本季度报告中的财务报表未经审计。公司负责人、主管会计工作负责人及会计机构负责
何虚假记载、误导性陈述或者重大遗漏，并对其内容的真实性、准确性和完整性承担个别及连带责任。一、重要提示 本季度报告中的财务报表未经审计。公司负责人、主管会计工作负责人及会计机构负责人保证季度报告中财务报表的真实、准确、完整。二、公司基本情况 主要会计数据及财务指标 单
证券代码 证券简称 公告编号
大变动的警示及原因说明。公司董事会及全体董事保证本报告所载资料不存在任何虚假记载、误导性陈述或者重大遗漏，并对其内容的真实性、准确性和完整性承担个别及连
体董事保证本报告所载资料不存在任何虚假记载、误导性陈述或者重大遗漏，并对其内容的真实性、准确性和完整性承担个别及连带责任。一、重要提示 本季度报告中的财
释每股收益 股东总数及前十名股东持股情况表 重要事项 公司主要会计报表项目、财务指标重大变动的情况及原因 重要事项进展情况及其影响和解决方案的分析说明 报
经审计。公司负责人、主管会计工作负责人及会计机构负责人保证季度报告中财务报表的真实、准确、完整。二、公司基本情况 主要会计数据及财务指标 单位：元 币种：
完整。二、公司基本情况 主要会计数据及财务指标 单位：元 币种：人民币 本报告期末比上年度末增减 归属于上市公司股东的净利润 经营活动产生的现金流量净额 加权平均净资产收益率 基本每股收益 稀释每股收益 股东总数及前十名股东持股情况表 重要事项 公司主要会计报表项目、财务指标重大变动的情况及原因 重要事项进展情况及其影响和解决方案的分析说明 报告期内超期未履行完毕的承诺事项 预测年初至下一报告期期末的累计净利润可能为亏损或者与上年同期相比发生重大变动的警示
完整性承担个别及连带责任。一、重要提示 本季度报告中的财务报表未经审计。公司负责人、主管会计工作负责人及会计机构负责人保证季度报告中财务报表的真实、准确、完整。二、公司基本情况 主要会计数据及财务指标 单位：元 币种：人民币 本报告期末比上年度末增减 归属于上市公司股东的净利润 经营活动产生的现金流量净额 加权平均净资产收益率 基本每股收益 稀释每股收益 股东总数及前十名股东持股情况表 重要事项 公司主要会计报表项目、财务指标重大变动的情况及原因 重要事项进展情况
持股情况表 重要事项 公司主要会计报表项目、财务指标重大变动的情况及原因 重要事项进展情况及其影响和解决方案的分析说明 报告期内超期未履行完毕的承诺事项 预测年初至下一报告期期末的累计净利润可能为亏损或者与上年同期相比发生重大
产收益率 基本每股收益 稀释每股收益 股东总数及前十名股东持股情况表 重要事项 公司主要会计报表项目、财务指标重大变动的情况及原因 重要事项进展情况及其影响和解决方案的分析说明 报告期内超期未履行完毕的承诺事项 预测年初至下一报告期期
证券代码 证券简称 公告编号
确性和完整性承担个别及连带责任。一、重要提示 本季度报告中的财务报表未经审计。公司负责人、主管会计工作负责人及会
财务指标 单位：元 币种：人民币 本报告期末比上年度末增减 归属于上市公司股东的净利润 经营活动产生的现金流量净额 加
况及原因 重要事项进展情况及其影响和解决方案的分析说明 报告期内超期未履行完毕的承诺事项 预测年初至下一报告期期末
负责人及会计机构负责人保证季度报告中财务报表的真实、准确、完整。二、公司基本情况 主要会计数据及财务指标 单位：元 币种：人民币 本报告期末比上年度末增减 归属于上市公司股东的净利润 经营活动产生的现金流量净额 加权平均净资产收益率 基本每股收益 稀释每股收益 股东总数及前十
证券代码 证券简称 公告编号
计报表项目、财务指标重大变动的情况及原因 重要事项进展情况及其影响和解决方案的分析说明 报告期内超期未履行完毕的承诺事项 预测年初至下一报告期期末的累计
证券代码 证券简称 公告编号
损或者与上年同期相比发生重大变动的警示及原因说明。公司董事会及全体董事保证本报告所载资料不存在任何虚假记载、误导性陈述或者重大遗漏，并对其内容的真实性、准确性和完整性承担个别及连带责任。一、重要提示 本季度报告中的财务报表未经审计。公司负责人、主管会计工作负责人及会计机构负责人保证季度报告中财务报表的真实、准确、完整。二、公司基本情况 主要会计数据及财务指标 单位：元 币种：人民币 本报告期末比上年度末增减 归属于上市公司股东的净利润 经营活动产生的现金流
能为亏损或者与上年同期相比发生重大变动的警示及原因说明。公司董事会及全体董事保证本报告所载资料不存在任何虚假记载、误导性陈述或者重大遗漏，并对其
况表 重要事项 公司主要会计报表项目、财务指标重大变动的情况及原因 重要事项进展情况及其影响和解决方案的分析说明 报告期内超期未履行完毕的承诺事项 预测年
超期未履行完毕的承诺事项 预测年初至下一报告期期末的累计净利润可能为亏损或者与上年同期相比发生重大变动的警示及原因说明。公司董事会及全体董事保证本
的警示及原因说明。公司董事会及全体董事保证本报告所载资料不存在任何虚假记载、误导性陈述或者重大遗漏，并对其内容的真实性、准确性和完整性承担个别及连带责
计工作负责人及会计机构负责人保证季度报告中财务报表的真实、准确、完整。二、公司基本情况 主要会计数据及财务指标 单位：元 币种：人民币 本报告期末比上年度末增减 归属于上市公司股东的净利润 经营活动产生的现金流量净额 加权平均净资产收益率 基本每股收益 稀释每股收益
本报告期末比上年度末增减 归属于上市公司股东的净利润 经营活动产生的现金流量净额 加权平均净资产收益率 基本每股收益 稀释每股收益 股东总数及前十名股东持股情况表 重要事项 公司主要会计报表项目、财务指标重大变动的情况及原因 重要事项进展情况及其影响和解决方案的分析说明
重大遗漏，并对其内容的真实性、准确性和完整性承担个别及连带责任。一、重要提示 本季度报告中的财务报表未经审计。公司负责人、主管会计工作负责人及会计机构负责人保证季度报告中财务报表的真实、准确、完整。二、公司基本情况 主要
何虚假记载、误导性陈述或者重大遗漏，并对其内容的真实性、准确性和完整性承担个别及连带责任。一、重要提示 本季度报告中的财务报表未经审计。公司负责人、主管会计工作负责人及会计机构负责人保证季度报告中财务报表的真实、准确、完整。二、
大变动的警示及原因说明。公司董事会及全体董事保证本报告所载资料不存在任何虚假记载、误导性陈述或者重大遗漏，并对其内容的真实性、准确性和完整性承担个别及连带责任。一、重要提示 本季度报告中的财务报表未经审计。公司负责人、
体董事保证本报告所载资料不存在任何虚假记载、误导性陈述或者重大遗漏，并对其内容的真实性、准确性和完整性承担个别及连带责任。一、重要提示 本季度报告中的财务报表未经审计。公司负责人、主管会计工作负责人及会计机构负责人保证季度报告中
释每股收益 股东总数及前十名股东持股情况表 重要事项 公司主要会计报表项目、财务指标重大变动的情况及原因 重要事项进展情况及其影响和解决方案的分析说明 报告期内超期未履行完毕的承诺事项 预测年初至下一报告期期末的累计净利润可能为亏损或者与上年同期相比发生重大变动的
经审计。公司负责人、主管会计工作负责人及会计机构负责人保证季度报告中财务报表的真实、准确、完整。二、公司基本情况 主要会计数据及财务指标 单位：元 币种：人民币 本报告期末比上年度末增减 归属于上市公司股东的净利润 经营活动产生的现金流量净额 加权平均净资产收益率 基本每
完整。二、公司基本情况 主要会计数据及财务指标 单位：元 币种：人民币 本报告期末比上年度末增减 归属于上市公司股东的净利润 经营活动产生的现金流量净额 加权平均净资产收益率 基本每股收益 稀释每股收益 股东总数及前十名股东持股情况表
完整性承担个别及连带责任。一、重要提示 本季度报告中的财务报表未经审计。公司负责人、主管会计工作负责人及会计机构负责人保证季度报告中财务报表的真实、准确、完整。二、公司基本情况 主要会计数据及财务指标 单位：元 币种：人民币 本报告期
持股情况表 重要事项 公司主要会计报表项目、财务指标重大变动的情况及原因 重要事项进展情况及其影响和解决方案的分析说明 报告期内超期未履行完毕的承诺事项 预测年初至下一报告期期末的累计净利润可能为亏损或者与上年同期相比发生重大变动的警示及原因说明。公司董事会及全
产收益率 基本每股收益 稀释每股收益 股东总数及前十名股东持股情况表 重要事项 公司主要会计报表项目、财务指标重大变动的情况及原因 重要事项进展情况及其影响和解决方案的分析说明 报告期内超期未履行完毕的承诺事项 预测年初至下一报告期期末的累计净利润可能为亏损或者与上年同期
确性和完整性承担个别及连带责任。一、重要提示 本季度报告中的财务报表未经审计。公司负责人、主管会计工作负责人及会计机构负责人保证季度报告中财务报表的真实、准确、完整。二、公司基本情况 主要会计数据及财务指标 单位：元 币种：人民币 本报告期末比上年度末增减 归属于上市公司股东的净利润 经营活动产生的现金流量净额 加权平均净资产收益率 基本每股收益 稀释每股收益 股东总数及前十名股
财务指标 单位：元 币种：人民币 本报告期末比上年度末增减 归属于上市公司股东的净利润 经营活动产生的现金流量净额 加权平均净资产收益率 基本每股收益 稀释每股收益 股东总数及前十名股东持股情况表 重要事项 公司主要会计报表项目、财务指标重大变动的情况及原因 重要事项进展情况及其影响和解决方案的分析说明 报告期内超期未履行完毕的承诺事项 预测年初至下一报告期期末的累计净利润可能为亏损或者
况及原因 重要事项进展情况及其影响和解决方案的分析说明 报告期内超期未履行完毕的承诺事项 预测年初至下一报告期期末的累计净利润可能为亏损或者与上年同期相比发生重大变动的警示及原因说明。公司董事会及全体董事保证本报告所载资料不存在任何虚假记载、误导性陈述或者重大遗漏，并对其内容的真实性、准确性和完整性承担个别及连带责任。一、重要提示 本季度报告中的财务报表未经审计。公司负责人、主管会计工作负责人及会计机构负责人保证季度报告中财务报表的真
负责人及会计机构负责人保证季度报告中财务报表的真实、准确、完整。二、公司基本情况 主要会计数据及财务指标 单位：元 币种：人民币 本报告期末比上年度末增减 归属于上市公司股东的净利润 经营活动产生的现金流量净额 加权平均净资产收益率 基本每股收益 稀释每股收益 股东总数及前十名股东持股情况表 重要事项 公司主要会计报表项目、财务指标重大变动的情况及原因 重要事项进展情况及其影响和解决方案的分析说明 报告期内超期未履行完毕的承诺事项 预测年初至下一报告期期末的累计净利
